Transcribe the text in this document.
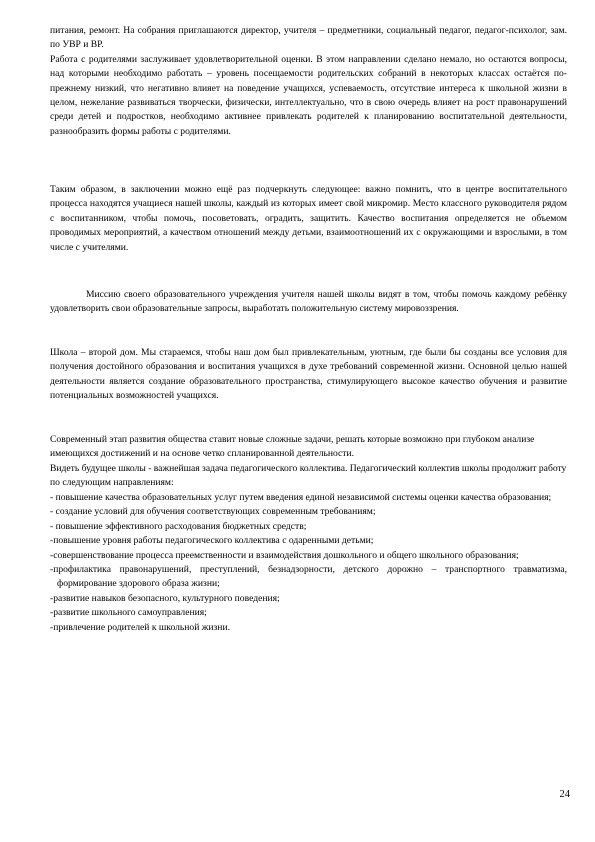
питания, ремонт. На собрания приглашаются директор, учителя – предметники, социальный педагог, педагог-психолог, зам. по УВР и ВР.

Работа с родителями заслуживает удовлетворительной оценки. В этом направлении сделано немало, но остаются вопросы, над которыми необходимо работать – уровень посещаемости родительских собраний в некоторых классах остаётся по-прежнему низкий, что негативно влияет на поведение учащихся, успеваемость, отсутствие интереса к школьной жизни в целом, нежелание развиваться творчески, физически, интеллектуально, что в свою очередь влияет на рост правонарушений среди детей и подростков, необходимо активнее привлекать родителей к планированию воспитательной деятельности, разнообразить формы работы с родителями.

Таким образом, в заключении можно ещё раз подчеркнуть следующее: важно помнить, что в центре воспитательного процесса находятся учащиеся нашей школы, каждый из которых имеет свой микромир. Место классного руководителя рядом с воспитанником, чтобы помочь, посоветовать, оградить, защитить. Качество воспитания определяется не объемом проводимых мероприятий, а качеством отношений между детьми, взаимоотношений их с окружающими и взрослыми, в том числе с учителями.

Миссию своего образовательного учреждения учителя нашей школы видят в том, чтобы помочь каждому ребёнку удовлетворить свои образовательные запросы, выработать положительную систему мировоззрения.

Школа – второй дом. Мы стараемся, чтобы наш дом был привлекательным, уютным, где были бы созданы все условия для получения достойного образования и воспитания учащихся в духе требований современной жизни. Основной целью нашей деятельности является создание образовательного пространства, стимулирующего высокое качество обучения и развитие потенциальных возможностей учащихся.

Современный этап развития общества ставит новые сложные задачи, решать которые возможно при глубоком анализе имеющихся достижений и на основе четко спланированной деятельности.

Видеть будущее школы - важнейшая задача педагогического коллектива. Педагогический коллектив школы продолжит работу по следующим направлениям:

- повышение качества образовательных услуг путем введения единой независимой системы оценки качества образования;

- создание условий для обучения соответствующих современным требованиям;

- повышение эффективного расходования бюджетных средств;

-повышение уровня работы педагогического коллектива с одаренными детьми;

-совершенствование процесса преемственности и взаимодействия дошкольного и общего школьного образования;

-профилактика правонарушений, преступлений, безнадзорности, детского дорожно – транспортного травматизма, формирование здорового образа жизни;

-развитие навыков безопасного, культурного поведения;

-развитие школьного самоуправления;

-привлечение родителей к школьной жизни.

24
